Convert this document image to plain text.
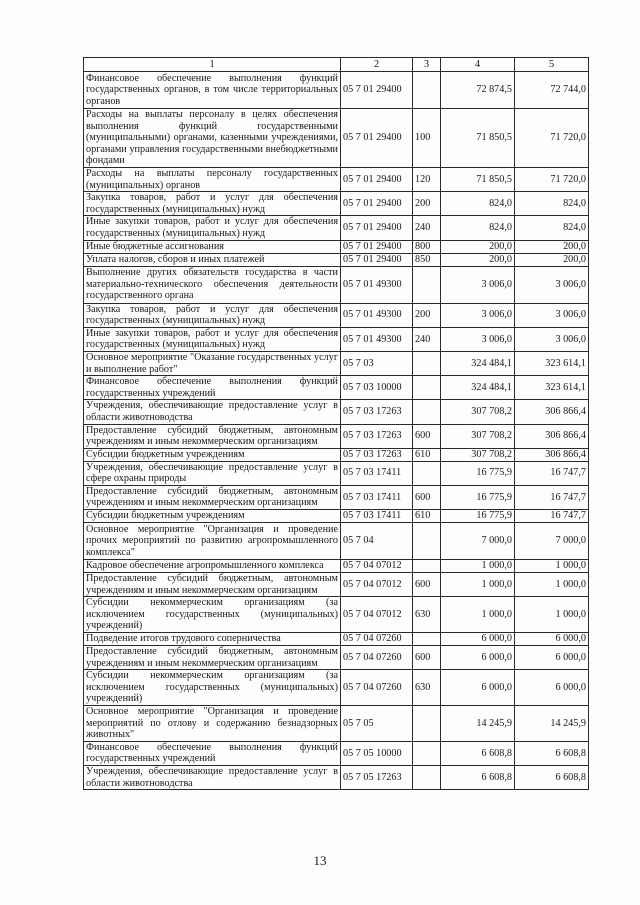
1	2	3	4	5
Финансовое обеспечение выполнения функций государственных органов, в том числе территориальных органов	05 7 01 29400		72 874,5	72 744,0
Расходы на выплаты персоналу в целях обеспечения выполнения функций государственными (муниципальными) органами, казенными учреждениями, органами управления государственными внебюджетными фондами	05 7 01 29400	100	71 850,5	71 720,0
Расходы на выплаты персоналу государственных (муниципальных) органов	05 7 01 29400	120	71 850,5	71 720,0
Закупка товаров, работ и услуг для обеспечения государственных (муниципальных) нужд	05 7 01 29400	200	824,0	824,0
Иные закупки товаров, работ и услуг для обеспечения государственных (муниципальных) нужд	05 7 01 29400	240	824,0	824,0
Иные бюджетные ассигнования	05 7 01 29400	800	200,0	200,0
Уплата налогов, сборов и иных платежей	05 7 01 29400	850	200,0	200,0
Выполнение других обязательств государства в части материально-технического обеспечения деятельности государственного органа	05 7 01 49300		3 006,0	3 006,0
Закупка товаров, работ и услуг для обеспечения государственных (муниципальных) нужд	05 7 01 49300	200	3 006,0	3 006,0
Иные закупки товаров, работ и услуг для обеспечения государственных (муниципальных) нужд	05 7 01 49300	240	3 006,0	3 006,0
Основное мероприятие "Оказание государственных услуг и выполнение работ"	05 7 03		324 484,1	323 614,1
Финансовое обеспечение выполнения функций государственных учреждений	05 7 03 10000		324 484,1	323 614,1
Учреждения, обеспечивающие предоставление услуг в области животноводства	05 7 03 17263		307 708,2	306 866,4
Предоставление субсидий бюджетным, автономным учреждениям и иным некоммерческим организациям	05 7 03 17263	600	307 708,2	306 866,4
Субсидии бюджетным учреждениям	05 7 03 17263	610	307 708,2	306 866,4
Учреждения, обеспечивающие предоставление услуг в сфере охраны природы	05 7 03 17411		16 775,9	16 747,7
Предоставление субсидий бюджетным, автономным учреждениям и иным некоммерческим организациям	05 7 03 17411	600	16 775,9	16 747,7
Субсидии бюджетным учреждениям	05 7 03 17411	610	16 775,9	16 747,7
Основное мероприятие "Организация и проведение прочих мероприятий по развитию агропромышленного комплекса"	05 7 04		7 000,0	7 000,0
Кадровое обеспечение агропромышленного комплекса	05 7 04 07012		1 000,0	1 000,0
Предоставление субсидий бюджетным, автономным учреждениям и иным некоммерческим организациям	05 7 04 07012	600	1 000,0	1 000,0
Субсидии некоммерческим организациям (за исключением государственных (муниципальных) учреждений)	05 7 04 07012	630	1 000,0	1 000,0
Подведение итогов трудового соперничества	05 7 04 07260		6 000,0	6 000,0
Предоставление субсидий бюджетным, автономным учреждениям и иным некоммерческим организациям	05 7 04 07260	600	6 000,0	6 000,0
Субсидии некоммерческим организациям (за исключением государственных (муниципальных) учреждений)	05 7 04 07260	630	6 000,0	6 000,0
Основное мероприятие "Организация и проведение мероприятий по отлову и содержанию безнадзорных животных"	05 7 05		14 245,9	14 245,9
Финансовое обеспечение выполнения функций государственных учреждений	05 7 05 10000		6 608,8	6 608,8
Учреждения, обеспечивающие предоставление услуг в области животноводства	05 7 05 17263		6 608,8	6 608,8
13
